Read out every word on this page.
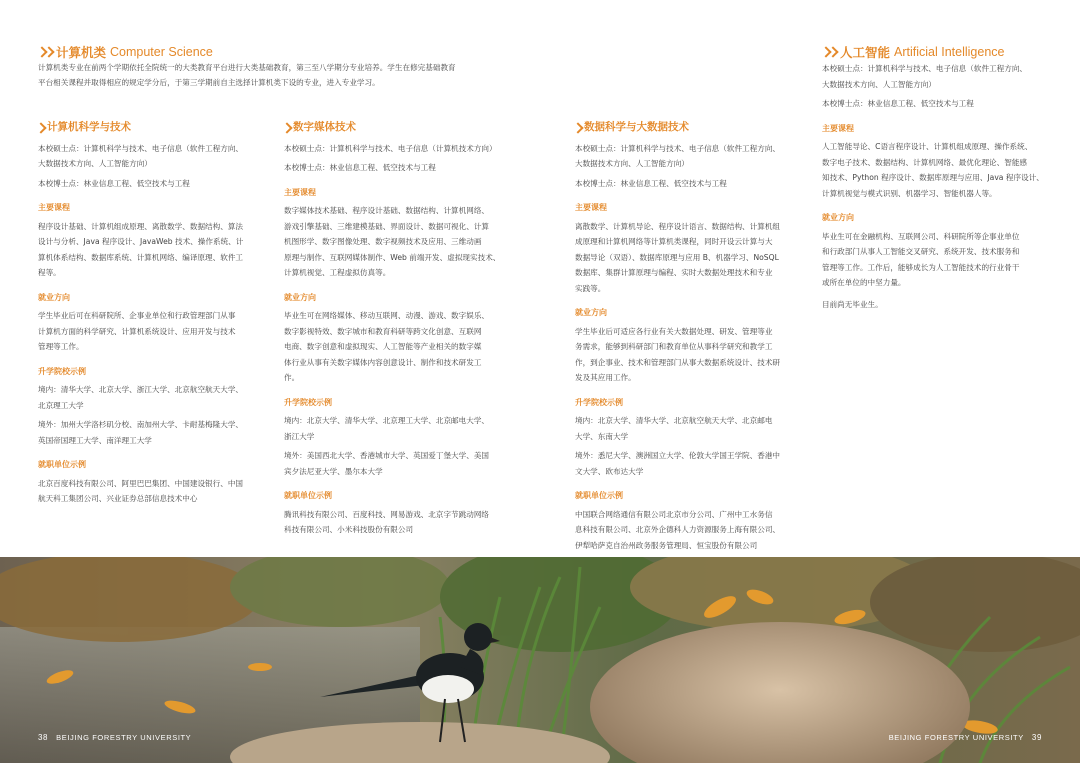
计算机类 Computer Science
计算机类专业在前两个学期依托全院统一的大类教育平台进行大类基础教育，第三至八学期分专业培养。学生在修完基础教育
平台相关课程并取得相应的规定学分后，于第三学期前自主选择计算机类下设的专业，进入专业学习。
人工智能 Artificial Intelligence
本校硕士点：计算机科学与技术、电子信息（软件工程方向、
大数据技术方向、人工智能方向）
本校博士点：林业信息工程、低空技术与工程
主要课程
人工智能导论、C语言程序设计、计算机组成原理、操作系统、
数字电子技术、数据结构、计算机网络、最优化理论、智能感
知技术、Python 程序设计、数据库原理与应用、Java 程序设计、
计算机视觉与模式识别、机器学习、智能机器人等。
就业方向
毕业生可在金融机构、互联网公司、科研院所等企事业单位
和行政部门从事人工智能交叉研究、系统开发、技术服务和
管理等工作。工作后，能够成长为人工智能技术的行业骨干
或所在单位的中坚力量。
目前尚无毕业生。
计算机科学与技术
本校硕士点：计算机科学与技术、电子信息（软件工程方向、
大数据技术方向、人工智能方向）
本校博士点：林业信息工程、低空技术与工程
主要课程
程序设计基础、计算机组成原理、离散数学、数据结构、算法
设计与分析、Java 程序设计、JavaWeb 技术、操作系统、计
算机体系结构、数据库系统、计算机网络、编译原理、软件工
程等。
就业方向
学生毕业后可在科研院所、企事业单位和行政管理部门从事
计算机方面的科学研究、计算机系统设计、应用开发与技术
管理等工作。
升学院校示例
境内：清华大学、北京大学、浙江大学、北京航空航天大学、
北京理工大学
境外：加州大学洛杉矶分校、南加州大学、卡耐基梅隆大学、
英国帝国理工大学、南洋理工大学
就职单位示例
北京百度科技有限公司、阿里巴巴集团、中国建设银行、中国
航天科工集团公司、兴业证券总部信息技术中心
数字媒体技术
本校硕士点：计算机科学与技术、电子信息（计算机技术方向）
本校博士点：林业信息工程、低空技术与工程
主要课程
数字媒体技术基础、程序设计基础、数据结构、计算机网络、
游戏引擎基础、三维建模基础、界面设计、数据可视化、计算
机图形学、数字图像处理、数字视频技术及应用、三维动画
原理与制作、互联网媒体制作、Web 前端开发、虚拟现实技术、
计算机视觉、工程虚拟仿真等。
就业方向
毕业生可在网络媒体、移动互联网、动漫、游戏、数字娱乐、
数字影视特效、数字城市和教育科研等跨文化创意、互联网
电商、数字创意和虚拟现实、人工智能等产业相关的数字媒
体行业从事有关数字媒体内容创意设计、制作和技术研发工
作。
升学院校示例
境内：北京大学、清华大学、北京理工大学、北京邮电大学、
浙江大学
境外：美国西北大学、香港城市大学、英国爱丁堡大学、美国
宾夕法尼亚大学、墨尔本大学
就职单位示例
腾讯科技有限公司、百度科技、网易游戏、北京字节跳动网络
科技有限公司、小米科技股份有限公司
数据科学与大数据技术
本校硕士点：计算机科学与技术、电子信息（软件工程方向、
大数据技术方向、人工智能方向）
本校博士点：林业信息工程、低空技术与工程
主要课程
离散数学、计算机导论、程序设计语言、数据结构、计算机组
成原理和计算机网络等计算机类课程，同时开设云计算与大
数据导论（双语）、数据库原理与应用 B、机器学习、NoSQL
数据库、集群计算原理与编程、实时大数据处理技术和专业
实践等。
就业方向
学生毕业后可适应各行业有关大数据处理、研发、管理等业
务需求，能够到科研部门和教育单位从事科学研究和教学工
作，到企事业、技术和管理部门从事大数据系统设计、技术研
发及其应用工作。
升学院校示例
境内：北京大学、清华大学、北京航空航天大学、北京邮电
大学、东南大学
境外：悉尼大学、澳洲国立大学、伦敦大学国王学院、香港中
文大学、欧布达大学
就职单位示例
中国联合网络通信有限公司北京市分公司、广州中工水务信
息科技有限公司、北京外企德科人力资源服务上海有限公司、
伊犁哈萨克自治州政务服务管理局、恒宝股份有限公司
38 BEIJING FORESTRY UNIVERSITY	BEIJING FORESTRY UNIVERSITY 39
